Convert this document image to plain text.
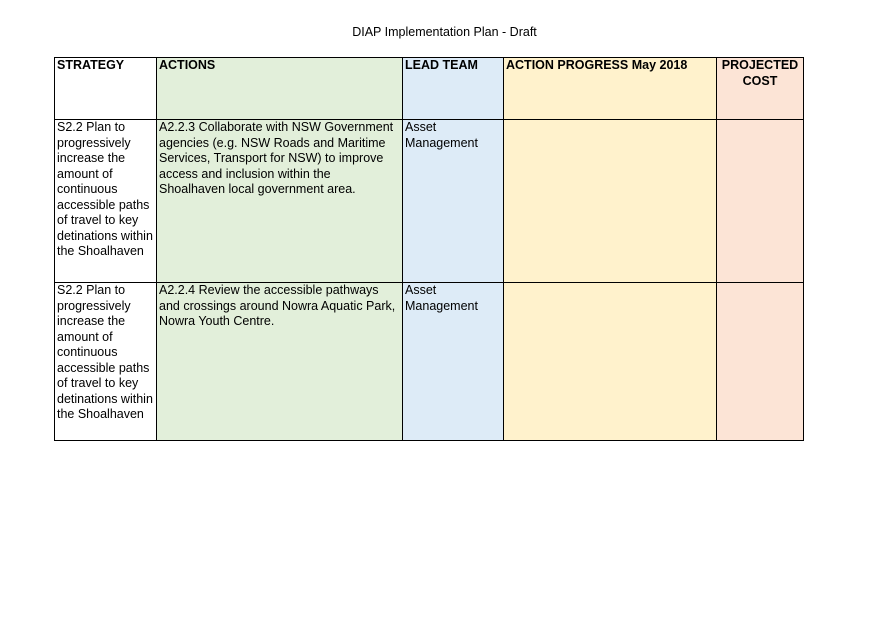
DIAP Implementation Plan - Draft
STRATEGY	ACTIONS	LEAD TEAM	ACTION PROGRESS May 2018	PROJECTED COST
S2.2 Plan to progressively increase the amount of continuous accessible paths of travel to key detinations within the Shoalhaven	A2.2.3 Collaborate with NSW Government agencies (e.g. NSW Roads and Maritime Services, Transport for NSW) to improve access and inclusion within the Shoalhaven local government area.	Asset Management		
S2.2 Plan to progressively increase the amount of continuous accessible paths of travel to key detinations within the Shoalhaven	A2.2.4 Review the accessible pathways and crossings around Nowra Aquatic Park, Nowra Youth Centre.	Asset Management		
